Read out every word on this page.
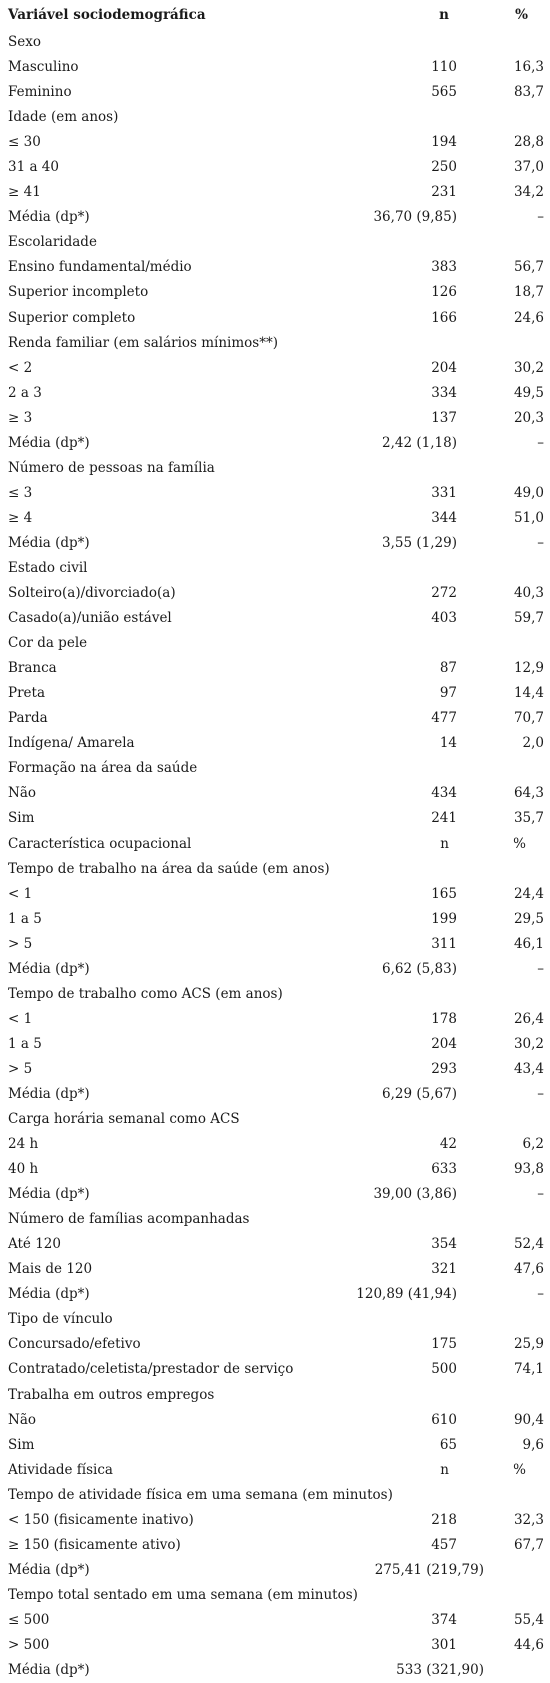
Variável sociodemográfica	n	%
Sexo
Masculino	110	16,3
Feminino	565	83,7
Idade (em anos)
≤ 30	194	28,8
31 a 40	250	37,0
≥ 41	231	34,2
Média (dp*)	36,70 (9,85)	–
Escolaridade
Ensino fundamental/médio	383	56,7
Superior incompleto	126	18,7
Superior completo	166	24,6
Renda familiar (em salários mínimos**)
< 2	204	30,2
2 a 3	334	49,5
≥ 3	137	20,3
Média (dp*)	2,42 (1,18)	–
Número de pessoas na família
≤ 3	331	49,0
≥ 4	344	51,0
Média (dp*)	3,55 (1,29)	–
Estado civil
Solteiro(a)/divorciado(a)	272	40,3
Casado(a)/união estável	403	59,7
Cor da pele
Branca	87	12,9
Preta	97	14,4
Parda	477	70,7
Indígena/ Amarela	14	2,0
Formação na área da saúde
Não	434	64,3
Sim	241	35,7
Característica ocupacional	n	%
Tempo de trabalho na área da saúde (em anos)
< 1	165	24,4
1 a 5	199	29,5
> 5	311	46,1
Média (dp*)	6,62 (5,83)	–
Tempo de trabalho como ACS (em anos)
< 1	178	26,4
1 a 5	204	30,2
> 5	293	43,4
Média (dp*)	6,29 (5,67)	–
Carga horária semanal como ACS
24 h	42	6,2
40 h	633	93,8
Média (dp*)	39,00 (3,86)	–
Número de famílias acompanhadas
Até 120	354	52,4
Mais de 120	321	47,6
Média (dp*)	120,89 (41,94)	–
Tipo de vínculo
Concursado/efetivo	175	25,9
Contratado/celetista/prestador de serviço	500	74,1
Trabalha em outros empregos
Não	610	90,4
Sim	65	9,6
Atividade física	n	%
Tempo de atividade física em uma semana (em minutos)
< 150 (fisicamente inativo)	218	32,3
≥ 150 (fisicamente ativo)	457	67,7
Média (dp*)	275,41 (219,79)
Tempo total sentado em uma semana (em minutos)
≤ 500	374	55,4
> 500	301	44,6
Média (dp*)	533 (321,90)
